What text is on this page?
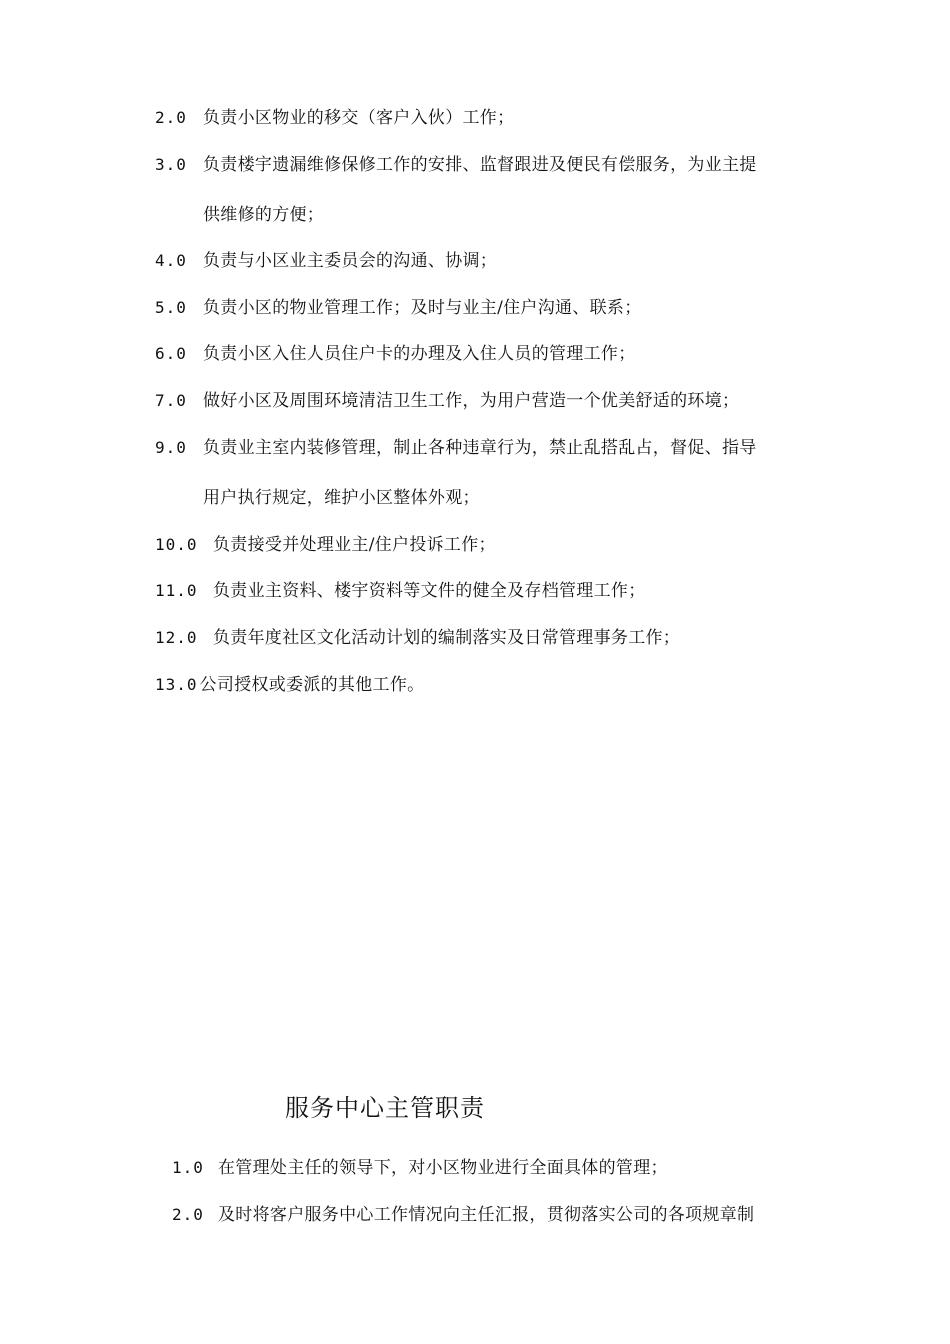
2.0 负责小区物业的移交（客户入伙）工作；
3.0 负责楼宇遗漏维修保修工作的安排、监督跟进及便民有偿服务，为业主提
供维修的方便；
4.0 负责与小区业主委员会的沟通、协调；
5.0 负责小区的物业管理工作；及时与业主/住户沟通、联系；
6.0 负责小区入住人员住户卡的办理及入住人员的管理工作；
7.0 做好小区及周围环境清洁卫生工作，为用户营造一个优美舒适的环境；
9.0 负责业主室内装修管理，制止各种违章行为，禁止乱搭乱占，督促、指导
用户执行规定，维护小区整体外观；
10.0 负责接受并处理业主/住户投诉工作；
11.0 负责业主资料、楼宇资料等文件的健全及存档管理工作；
12.0 负责年度社区文化活动计划的编制落实及日常管理事务工作；
13.0 公司授权或委派的其他工作。
服务中心主管职责
1.0 在管理处主任的领导下，对小区物业进行全面具体的管理；
2.0 及时将客户服务中心工作情况向主任汇报，贯彻落实公司的各项规章制
